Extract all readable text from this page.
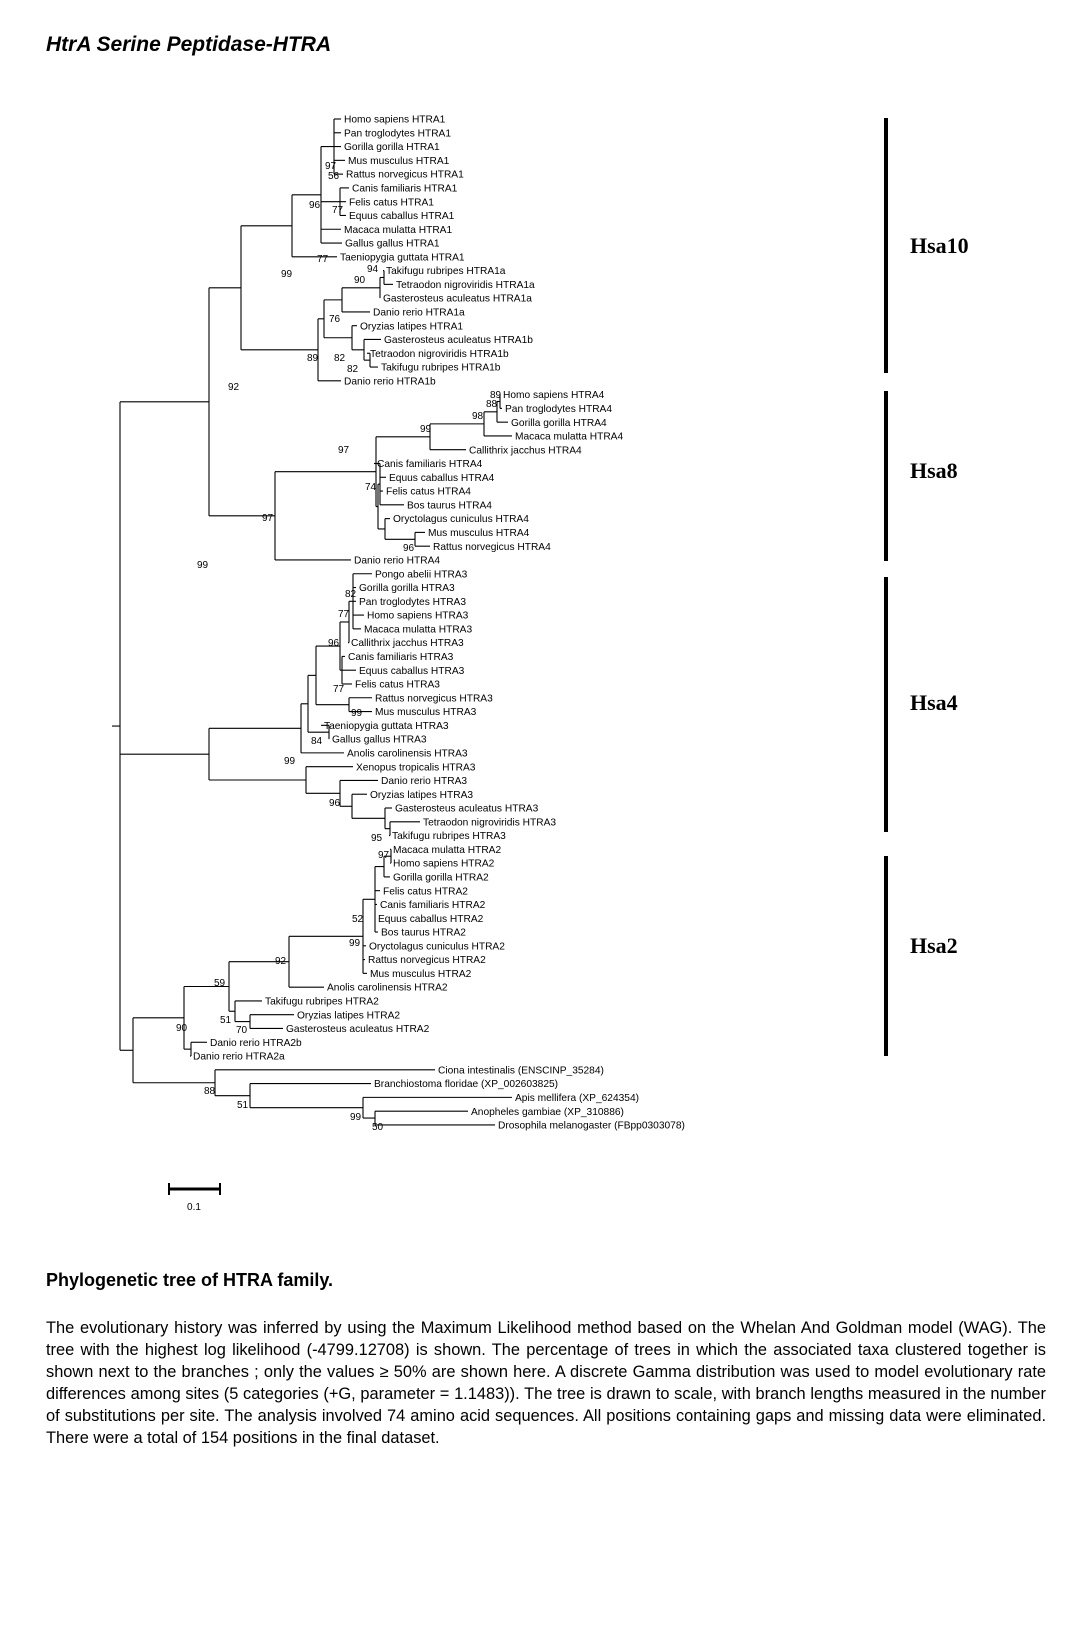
HtrA Serine Peptidase-HTRA
Homo sapiens HTRA1
Pan troglodytes HTRA1
Gorilla gorilla HTRA1
Mus musculus HTRA1
Rattus norvegicus HTRA1
Canis familiaris HTRA1
Felis catus HTRA1
Equus caballus HTRA1
Macaca mulatta HTRA1
Gallus gallus HTRA1
Taeniopygia guttata HTRA1
Takifugu rubripes HTRA1a
Tetraodon nigroviridis HTRA1a
Gasterosteus aculeatus HTRA1a
Danio rerio HTRA1a
Oryzias latipes HTRA1
Gasterosteus aculeatus HTRA1b
Tetraodon nigroviridis HTRA1b
Takifugu rubripes HTRA1b
Danio rerio HTRA1b
Homo sapiens HTRA4
Pan troglodytes HTRA4
Gorilla gorilla HTRA4
Macaca mulatta HTRA4
Callithrix jacchus HTRA4
Canis familiaris HTRA4
Equus caballus HTRA4
Felis catus HTRA4
Bos taurus HTRA4
Oryctolagus cuniculus HTRA4
Mus musculus HTRA4
Rattus norvegicus HTRA4
Danio rerio HTRA4
Pongo abelii HTRA3
Gorilla gorilla HTRA3
Pan troglodytes HTRA3
Homo sapiens HTRA3
Macaca mulatta HTRA3
Callithrix jacchus HTRA3
Canis familiaris HTRA3
Equus caballus HTRA3
Felis catus HTRA3
Rattus norvegicus HTRA3
Mus musculus HTRA3
Taeniopygia guttata HTRA3
Gallus gallus HTRA3
Anolis carolinensis HTRA3
Xenopus tropicalis HTRA3
Danio rerio HTRA3
Oryzias latipes HTRA3
Gasterosteus aculeatus HTRA3
Tetraodon nigroviridis HTRA3
Takifugu rubripes HTRA3
Macaca mulatta HTRA2
Homo sapiens HTRA2
Gorilla gorilla HTRA2
Felis catus HTRA2
Canis familiaris HTRA2
Equus caballus HTRA2
Bos taurus HTRA2
Oryctolagus cuniculus HTRA2
Rattus norvegicus HTRA2
Mus musculus HTRA2
Anolis carolinensis HTRA2
Takifugu rubripes HTRA2
Oryzias latipes HTRA2
Gasterosteus aculeatus HTRA2
Danio rerio HTRA2b
Danio rerio HTRA2a
Ciona intestinalis (ENSCINP_35284)
Branchiostoma floridae (XP_002603825)
Apis mellifera (XP_624354)
Anopheles gambiae (XP_310886)
Drosophila melanogaster (FBpp0303078)
97
56
96 77
77
99	94
90
76
89 82
82
92
89
88
98
99
97
74
96
97
99
82
77
96
77
99
84
99
96
95
97
52
99
92
59
51
70
90
88
51
99
50
Hsa10
Hsa8
Hsa4
Hsa2
0.1
Phylogenetic tree of HTRA family.
The evolutionary history was inferred by using the Maximum Likelihood method based on the Whelan And Goldman model (WAG). The tree with the highest log likelihood (-4799.12708) is shown. The percentage of trees in which the associated taxa clustered together is shown next to the branches ; only the values ≥ 50% are shown here. A discrete Gamma distribution was used to model evolutionary rate differences among sites (5 categories (+G, parameter = 1.1483)). The tree is drawn to scale, with branch lengths measured in the number of substitutions per site. The analysis involved 74 amino acid sequences. All positions containing gaps and missing data were eliminated. There were a total of 154 positions in the final dataset.
